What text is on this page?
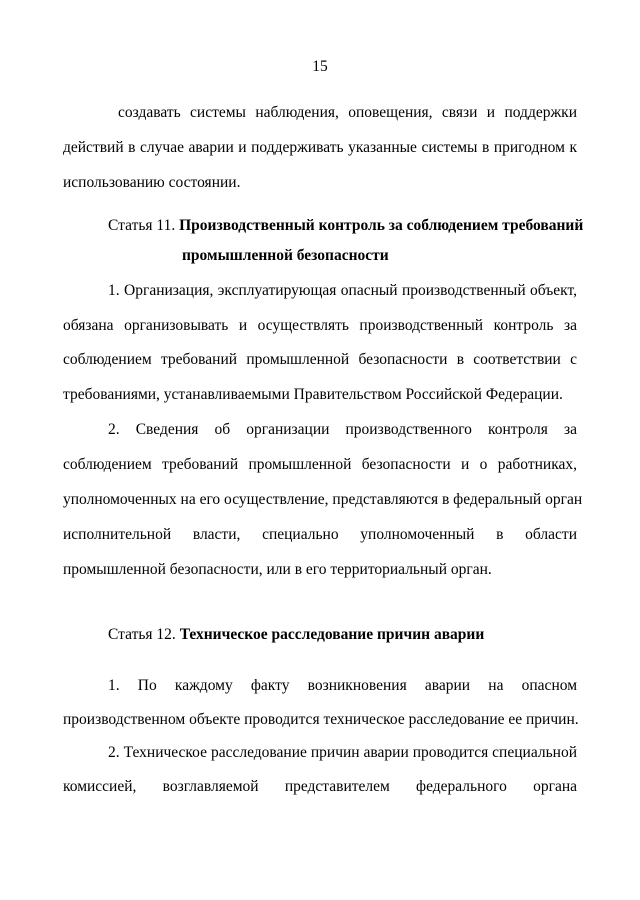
15
создавать системы наблюдения, оповещения, связи и поддержки
действий в случае аварии и поддерживать указанные системы в пригодном к
использованию состоянии.
Статья 11. Производственный контроль за соблюдением требований
промышленной безопасности
1. Организация, эксплуатирующая опасный производственный объект,
обязана организовывать и осуществлять производственный контроль за
соблюдением требований промышленной безопасности в соответствии с
требованиями, устанавливаемыми Правительством Российской Федерации.
2. Сведения об организации производственного контроля за
соблюдением требований промышленной безопасности и о работниках,
уполномоченных на его осуществление, представляются в федеральный орган
исполнительной власти, специально уполномоченный в области
промышленной безопасности, или в его территориальный орган.
Статья 12. Техническое расследование причин аварии
1. По каждому факту возникновения аварии на опасном
производственном объекте проводится техническое расследование ее причин.
2. Техническое расследование причин аварии проводится специальной
комиссией, возглавляемой представителем федерального органа
